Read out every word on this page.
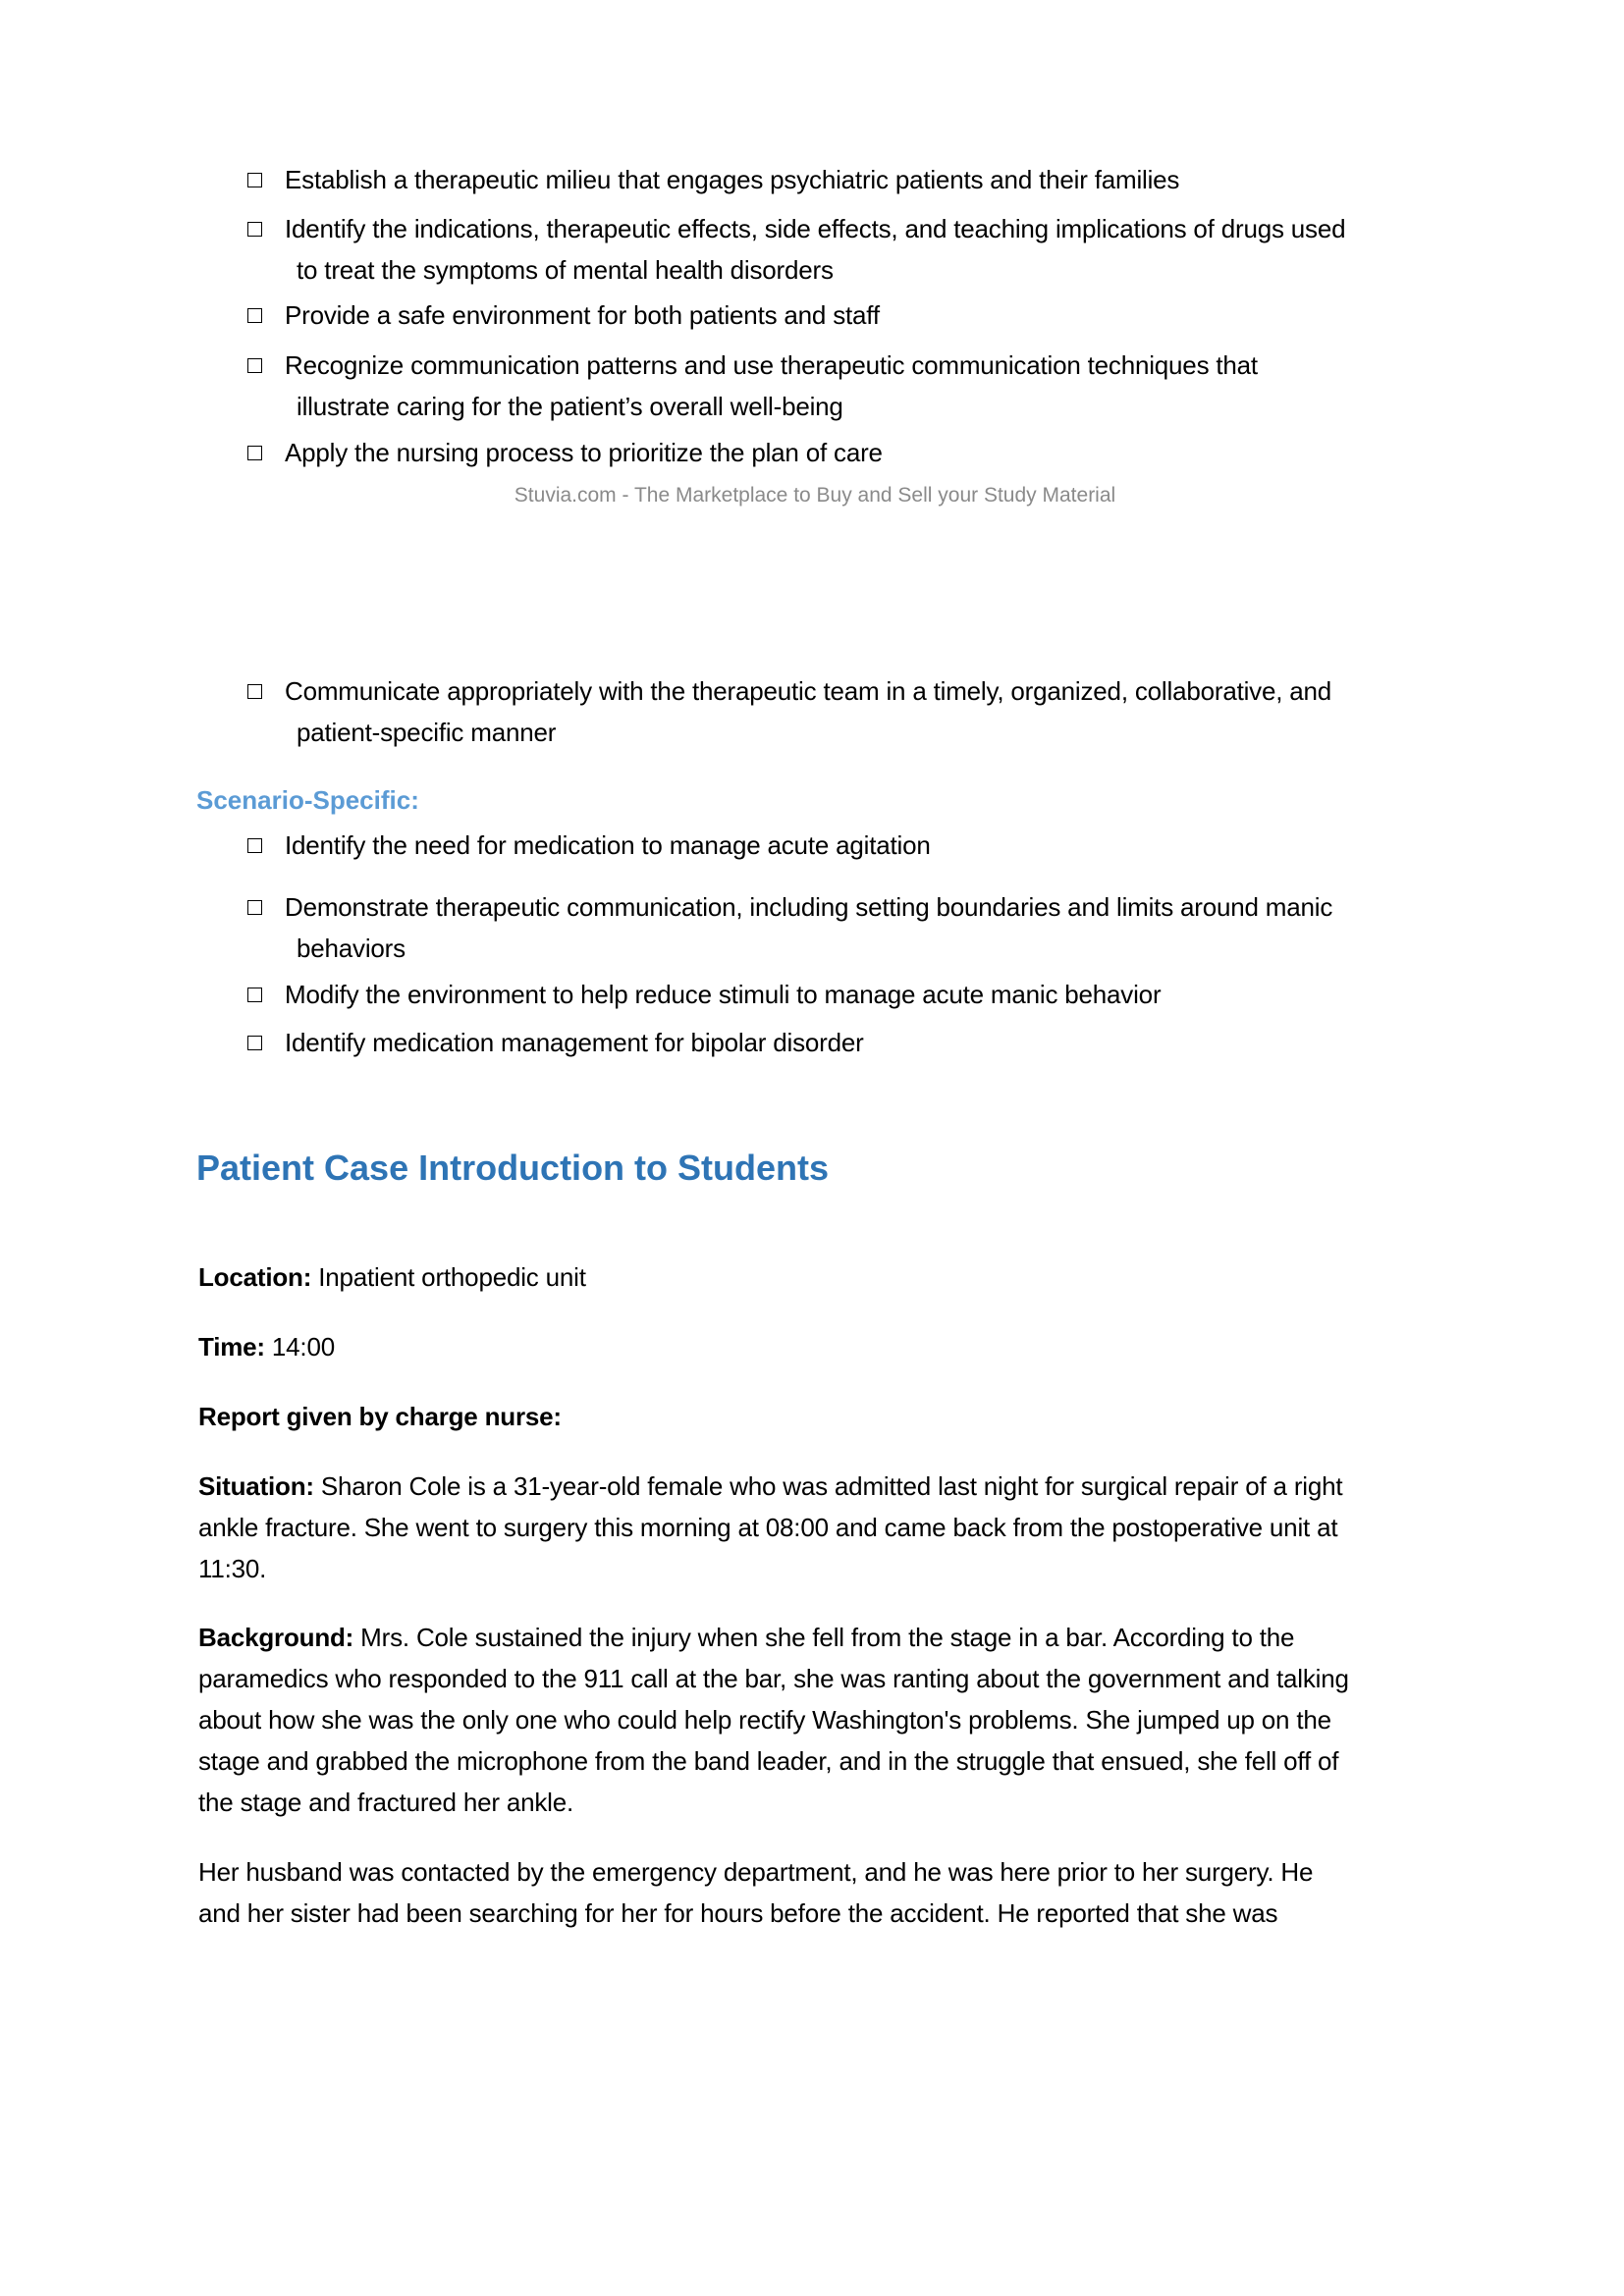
Establish a therapeutic milieu that engages psychiatric patients and their families
Identify the indications, therapeutic effects, side effects, and teaching implications of drugs used
to treat the symptoms of mental health disorders
Provide a safe environment for both patients and staff
Recognize communication patterns and use therapeutic communication techniques that
illustrate caring for the patient’s overall well-being
Apply the nursing process to prioritize the plan of care
Communicate appropriately with the therapeutic team in a timely, organized, collaborative, and
patient-specific manner
Identify the need for medication to manage acute agitation
Demonstrate therapeutic communication, including setting boundaries and limits around manic
behaviors
Modify the environment to help reduce stimuli to manage acute manic behavior
Identify medication management for bipolar disorder
Stuvia.com - The Marketplace to Buy and Sell your Study Material
Scenario-Specific:
Patient Case Introduction to Students
Location: Inpatient orthopedic unit
Time: 14:00
Report given by charge nurse:
Situation: Sharon Cole is a 31-year-old female who was admitted last night for surgical repair of a right
ankle fracture. She went to surgery this morning at 08:00 and came back from the postoperative unit at
11:30.
Background: Mrs. Cole sustained the injury when she fell from the stage in a bar. According to the
paramedics who responded to the 911 call at the bar, she was ranting about the government and talking
about how she was the only one who could help rectify Washington's problems. She jumped up on the
stage and grabbed the microphone from the band leader, and in the struggle that ensued, she fell off of
the stage and fractured her ankle.
Her husband was contacted by the emergency department, and he was here prior to her surgery. He
and her sister had been searching for her for hours before the accident. He reported that she was
